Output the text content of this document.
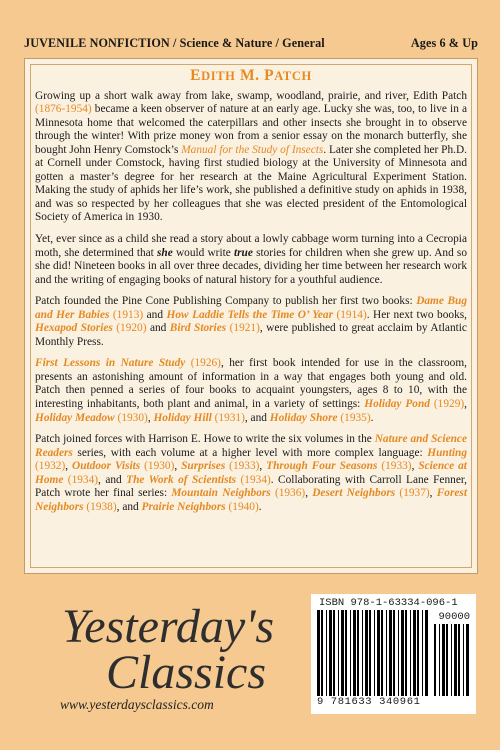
JUVENILE NONFICTION / Science & Nature / General	Ages 6 & Up
EDITH M. PATCH

Growing up a short walk away from lake, swamp, woodland, prairie, and river, Edith Patch (1876-1954) became a keen observer of nature at an early age. Lucky she was, too, to live in a Minnesota home that welcomed the caterpillars and other insects she brought in to observe through the winter! With prize money won from a senior essay on the monarch butterfly, she bought John Henry Comstock’s Manual for the Study of Insects. Later she completed her Ph.D. at Cornell under Comstock, having first studied biology at the University of Minnesota and gotten a master’s degree for her research at the Maine Agricultural Experiment Station. Making the study of aphids her life’s work, she published a definitive study on aphids in 1938, and was so respected by her colleagues that she was elected president of the Entomological Society of America in 1930.

Yet, ever since as a child she read a story about a lowly cabbage worm turning into a Cecropia moth, she determined that she would write true stories for children when she grew up. And so she did! Nineteen books in all over three decades, dividing her time between her research work and the writing of engaging books of natural history for a youthful audience.

Patch founded the Pine Cone Publishing Company to publish her first two books: Dame Bug and Her Babies (1913) and How Laddie Tells the Time O’ Year (1914). Her next two books, Hexapod Stories (1920) and Bird Stories (1921), were published to great acclaim by Atlantic Monthly Press.

First Lessons in Nature Study (1926), her first book intended for use in the classroom, presents an astonishing amount of information in a way that engages both young and old. Patch then penned a series of four books to acquaint youngsters, ages 8 to 10, with the interesting inhabitants, both plant and animal, in a variety of settings: Holiday Pond (1929), Holiday Meadow (1930), Holiday Hill (1931), and Holiday Shore (1935).

Patch joined forces with Harrison E. Howe to write the six volumes in the Nature and Science Readers series, with each volume at a higher level with more complex language: Hunting (1932), Outdoor Visits (1930), Surprises (1933), Through Four Seasons (1933), Science at Home (1934), and The Work of Scientists (1934). Collaborating with Carroll Lane Fenner, Patch wrote her final series: Mountain Neighbors (1936), Desert Neighbors (1937), Forest Neighbors (1938), and Prairie Neighbors (1940).

Yesterday's
Classics
www.yesterdaysclassics.com
ISBN 978-1-63334-096-1
90000
9 781633 340961
